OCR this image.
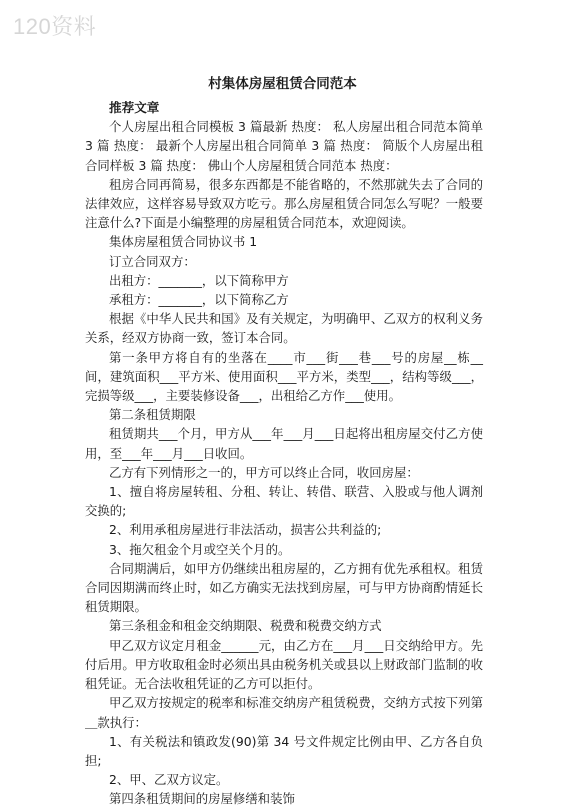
120资料
村集体房屋租赁合同范本

推荐文章

个人房屋出租合同模板 3 篇最新 热度： 私人房屋出租合同范本简单 3 篇 热度： 最新个人房屋出租合同简单 3 篇 热度： 简版个人房屋出租合同样板 3 篇 热度： 佛山个人房屋租赁合同范本 热度：

租房合同再简易，很多东西都是不能省略的，不然那就失去了合同的法律效应，这样容易导致双方吃亏。那么房屋租赁合同怎么写呢？一般要注意什么?下面是小编整理的房屋租赁合同范本，欢迎阅读。

集体房屋租赁合同协议书 1

订立合同双方：

出租方：_______，以下简称甲方

承租方：_______，以下简称乙方

根据《中华人民共和国》及有关规定，为明确甲、乙双方的权利义务关系，经双方协商一致，签订本合同。

第一条甲方将自有的坐落在____市___街___巷___号的房屋__栋__间，建筑面积___平方米、使用面积___平方米，类型___，结构等级___，完损等级___，主要装修设备___，出租给乙方作___使用。

第二条租赁期限

租赁期共___个月，甲方从___年___月___日起将出租房屋交付乙方使用，至___年___月___日收回。

乙方有下列情形之一的，甲方可以终止合同，收回房屋：

1、擅自将房屋转租、分租、转让、转借、联营、入股或与他人调剂交换的;

2、利用承租房屋进行非法活动，损害公共利益的;

3、拖欠租金个月或空关个月的。

合同期满后，如甲方仍继续出租房屋的，乙方拥有优先承租权。租赁合同因期满而终止时，如乙方确实无法找到房屋，可与甲方协商酌情延长租赁期限。

第三条租金和租金交纳期限、税费和税费交纳方式

甲乙双方议定月租金______元，由乙方在___月___日交纳给甲方。先付后用。甲方收取租金时必须出具由税务机关或县以上财政部门监制的收租凭证。无合法收租凭证的乙方可以拒付。

甲乙双方按规定的税率和标准交纳房产租赁税费，交纳方式按下列第＿款执行：

1、有关税法和镇政发(90)第 34 号文件规定比例由甲、乙方各自负担;

2、甲、乙双方议定。

第四条租赁期间的房屋修缮和装饰
